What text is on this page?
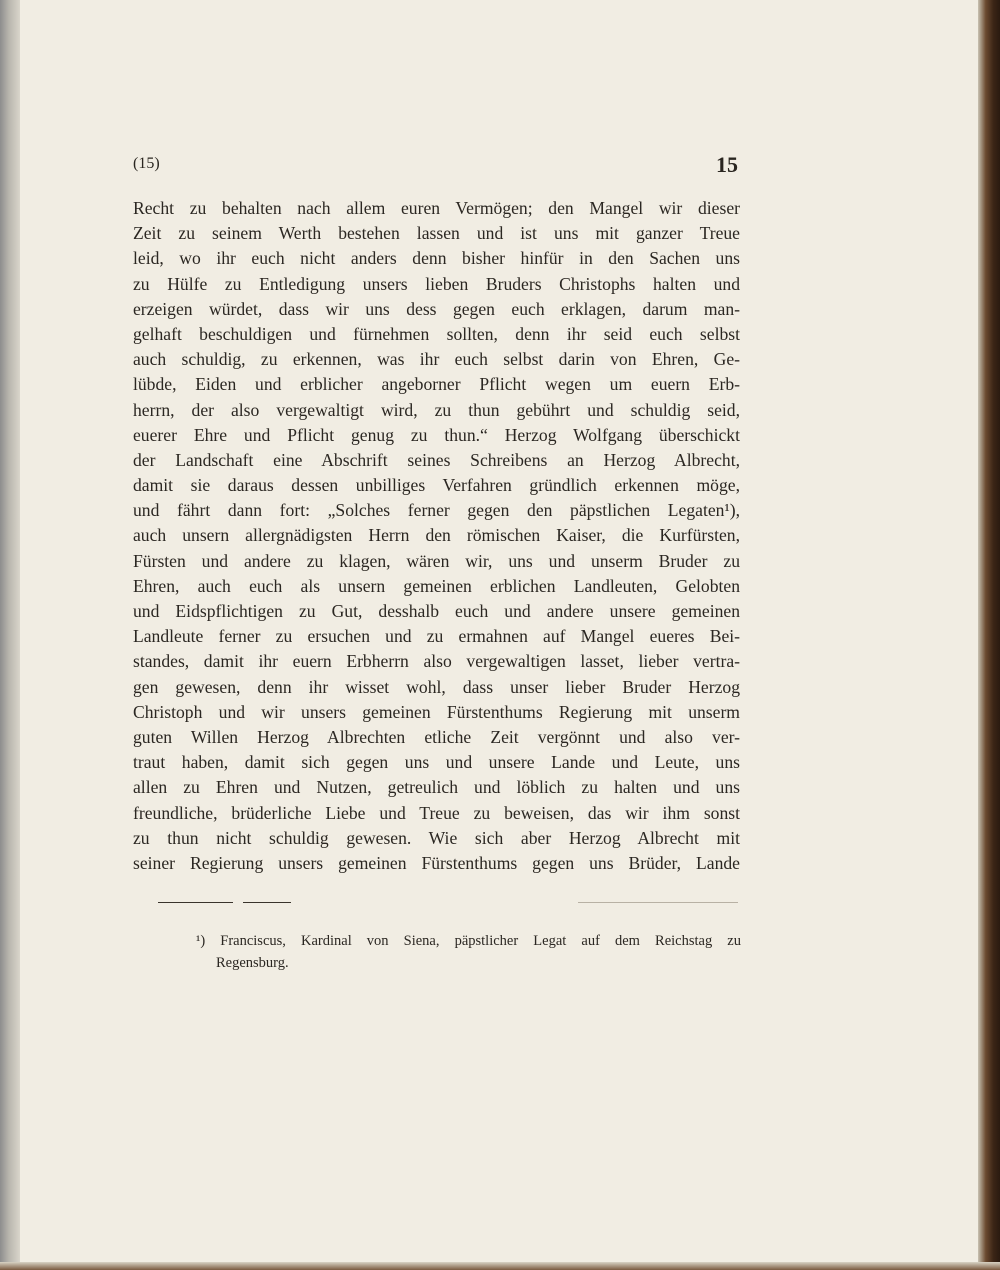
(15)	15
Recht zu behalten nach allem euren Vermögen; den Mangel wir dieser
Zeit zu seinem Werth bestehen lassen und ist uns mit ganzer Treue
leid, wo ihr euch nicht anders denn bisher hinfür in den Sachen uns
zu Hülfe zu Entledigung unsers lieben Bruders Christophs halten und
erzeigen würdet, dass wir uns dess gegen euch erklagen, darum man-
gelhaft beschuldigen und fürnehmen sollten, denn ihr seid euch selbst
auch schuldig, zu erkennen, was ihr euch selbst darin von Ehren, Ge-
lübde, Eiden und erblicher angeborner Pflicht wegen um euern Erb-
herrn, der also vergewaltigt wird, zu thun gebührt und schuldig seid,
euerer Ehre und Pflicht genug zu thun.“ Herzog Wolfgang überschickt
der Landschaft eine Abschrift seines Schreibens an Herzog Albrecht,
damit sie daraus dessen unbilliges Verfahren gründlich erkennen möge,
und fährt dann fort: „Solches ferner gegen den päpstlichen Legaten¹),
auch unsern allergnädigsten Herrn den römischen Kaiser, die Kurfürsten,
Fürsten und andere zu klagen, wären wir, uns und unserm Bruder zu
Ehren, auch euch als unsern gemeinen erblichen Landleuten, Gelobten
und Eidspflichtigen zu Gut, desshalb euch und andere unsere gemeinen
Landleute ferner zu ersuchen und zu ermahnen auf Mangel eueres Bei-
standes, damit ihr euern Erbherrn also vergewaltigen lasset, lieber vertra-
gen gewesen, denn ihr wisset wohl, dass unser lieber Bruder Herzog
Christoph und wir unsers gemeinen Fürstenthums Regierung mit unserm
guten Willen Herzog Albrechten etliche Zeit vergönnt und also ver-
traut haben, damit sich gegen uns und unsere Lande und Leute, uns
allen zu Ehren und Nutzen, getreulich und löblich zu halten und uns
freundliche, brüderliche Liebe und Treue zu beweisen, das wir ihm sonst
zu thun nicht schuldig gewesen. Wie sich aber Herzog Albrecht mit
seiner Regierung unsers gemeinen Fürstenthums gegen uns Brüder, Lande
¹) Franciscus, Kardinal von Siena, päpstlicher Legat auf dem Reichstag zu
Regensburg.
